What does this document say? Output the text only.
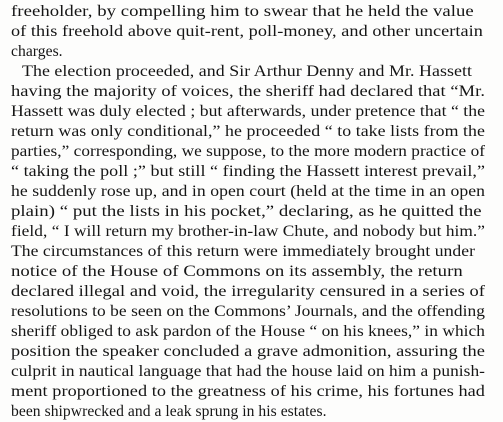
freeholder, by compelling him to swear that he held the value
of this freehold above quit-rent, poll-money, and other uncertain
charges.
The election proceeded, and Sir Arthur Denny and Mr. Hassett
having the majority of voices, the sheriff had declared that “Mr.
Hassett was duly elected ; but afterwards, under pretence that “ the
return was only conditional,” he proceeded “ to take lists from the
parties,” corresponding, we suppose, to the more modern practice of
“ taking the poll ;” but still “ finding the Hassett interest prevail,”
he suddenly rose up, and in open court (held at the time in an open
plain) “ put the lists in his pocket,” declaring, as he quitted the
field, “ I will return my brother-in-law Chute, and nobody but him.”
The circumstances of this return were immediately brought under
notice of the House of Commons on its assembly, the return
declared illegal and void, the irregularity censured in a series of
resolutions to be seen on the Commons’ Journals, and the offending
sheriff obliged to ask pardon of the House “ on his knees,” in which
position the speaker concluded a grave admonition, assuring the
culprit in nautical language that had the house laid on him a punish-
ment proportioned to the greatness of his crime, his fortunes had
been shipwrecked and a leak sprung in his estates.
